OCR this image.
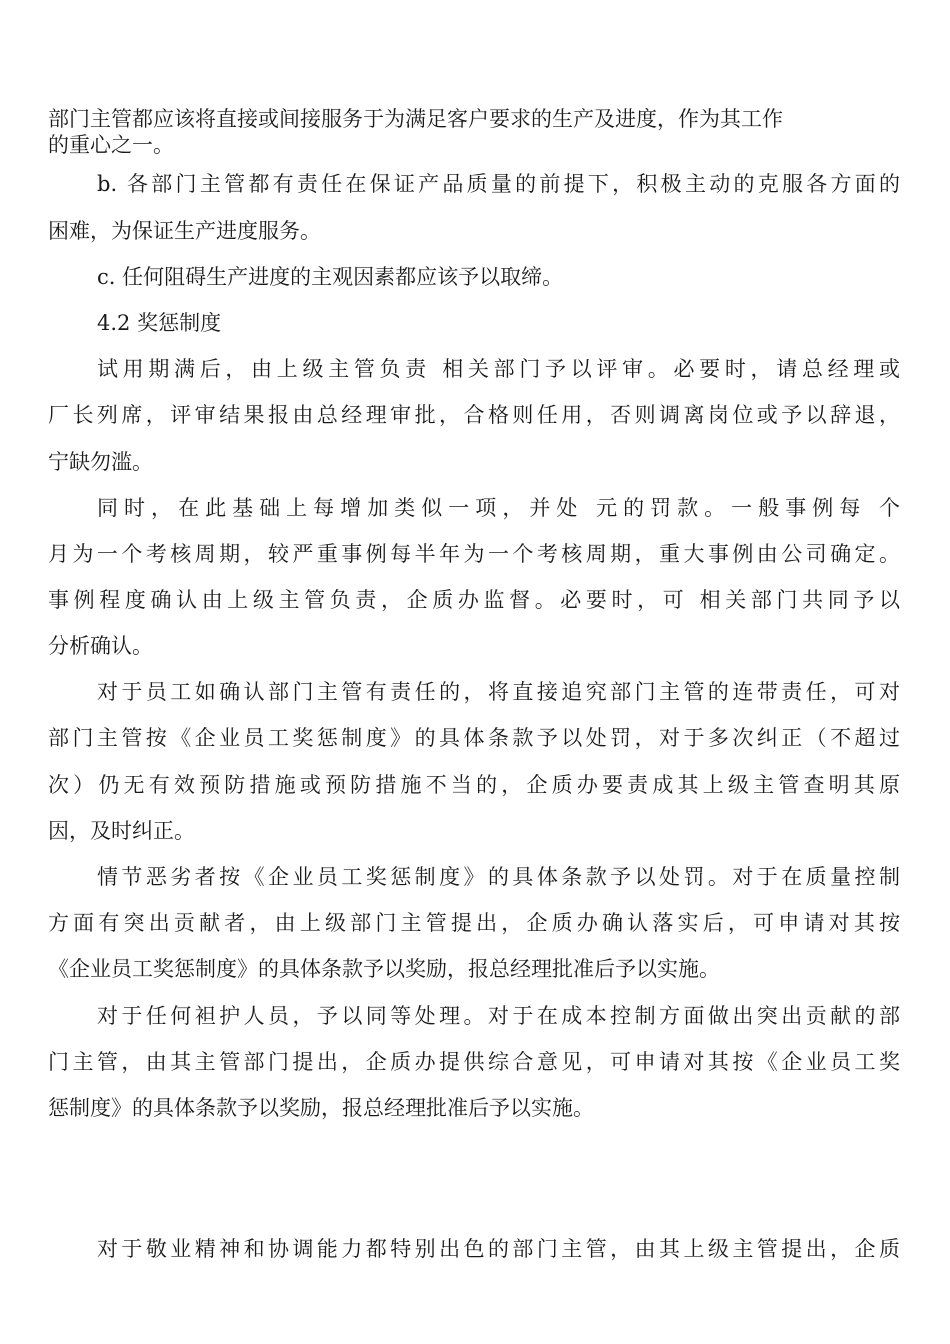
部门主管都应该将直接或间接服务于为满足客户要求的生产及进度，作为其工作
的重心之一。
b. 各部门主管都有责任在保证产品质量的前提下，积极主动的克服各方面的
困难，为保证生产进度服务。
c. 任何阻碍生产进度的主观因素都应该予以取缔。
4.2 奖惩制度
试用期满后，由上级主管负责 相关部门予以评审。必要时，请总经理或
厂长列席，评审结果报由总经理审批，合格则任用，否则调离岗位或予以辞退，
宁缺勿滥。
同时，在此基础上每增加类似一项，并处 元的罚款。一般事例每 个
月为一个考核周期，较严重事例每半年为一个考核周期，重大事例由公司确定。
事例程度确认由上级主管负责，企质办监督。必要时，可 相关部门共同予以
分析确认。
对于员工如确认部门主管有责任的，将直接追究部门主管的连带责任，可对
部门主管按《企业员工奖惩制度》的具体条款予以处罚，对于多次纠正（不超过
次）仍无有效预防措施或预防措施不当的，企质办要责成其上级主管查明其原
因，及时纠正。
情节恶劣者按《企业员工奖惩制度》的具体条款予以处罚。对于在质量控制
方面有突出贡献者，由上级部门主管提出，企质办确认落实后，可申请对其按
《企业员工奖惩制度》的具体条款予以奖励，报总经理批准后予以实施。
对于任何袒护人员，予以同等处理。对于在成本控制方面做出突出贡献的部
门主管，由其主管部门提出，企质办提供综合意见，可申请对其按《企业员工奖
惩制度》的具体条款予以奖励，报总经理批准后予以实施。
对于敬业精神和协调能力都特别出色的部门主管，由其上级主管提出，企质
